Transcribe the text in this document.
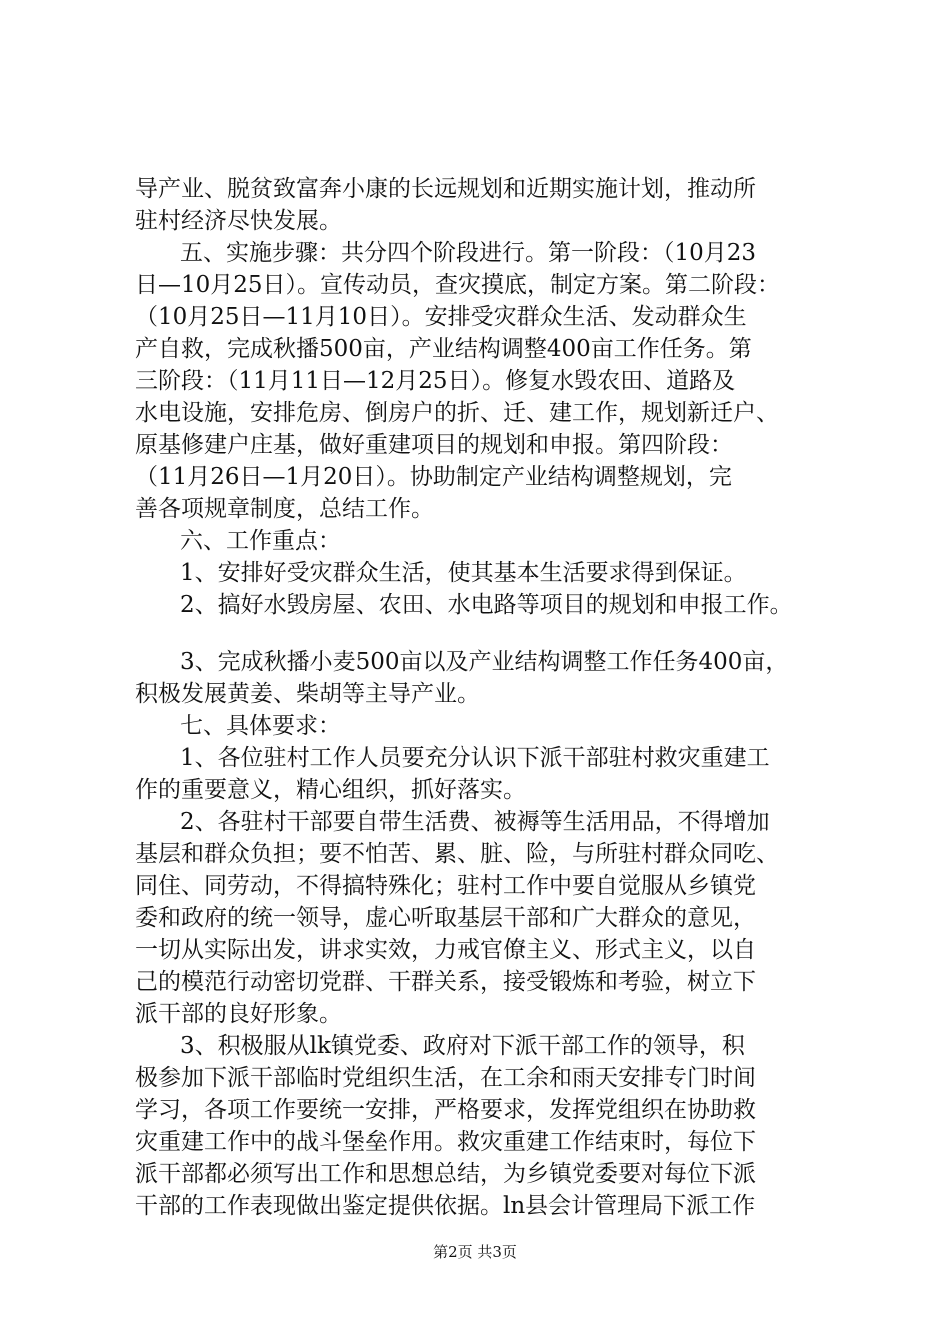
导产业、脱贫致富奔小康的长远规划和近期实施计划，推动所

驻村经济尽快发展。

五、实施步骤：共分四个阶段进行。第一阶段：（10月23

日—10月25日）。宣传动员，查灾摸底，制定方案。第二阶段：

（10月25日—11月10日）。安排受灾群众生活、发动群众生

产自救，完成秋播500亩，产业结构调整400亩工作任务。第

三阶段：（11月11日—12月25日）。修复水毁农田、道路及

水电设施，安排危房、倒房户的折、迁、建工作，规划新迁户、

原基修建户庄基，做好重建项目的规划和申报。第四阶段：

（11月26日—1月20日）。协助制定产业结构调整规划，完

善各项规章制度，总结工作。

六、工作重点：

1、安排好受灾群众生活，使其基本生活要求得到保证。

2、搞好水毁房屋、农田、水电路等项目的规划和申报工作。

3、完成秋播小麦500亩以及产业结构调整工作任务400亩，

积极发展黄姜、柴胡等主导产业。

七、具体要求：

1、各位驻村工作人员要充分认识下派干部驻村救灾重建工

作的重要意义，精心组织，抓好落实。

2、各驻村干部要自带生活费、被褥等生活用品，不得增加

基层和群众负担；要不怕苦、累、脏、险，与所驻村群众同吃、

同住、同劳动，不得搞特殊化；驻村工作中要自觉服从乡镇党

委和政府的统一领导，虚心听取基层干部和广大群众的意见，

一切从实际出发，讲求实效，力戒官僚主义、形式主义，以自

己的模范行动密切党群、干群关系，接受锻炼和考验，树立下

派干部的良好形象。

3、积极服从lk镇党委、政府对下派干部工作的领导，积

极参加下派干部临时党组织生活，在工余和雨天安排专门时间

学习，各项工作要统一安排，严格要求，发挥党组织在协助救

灾重建工作中的战斗堡垒作用。救灾重建工作结束时，每位下

派干部都必须写出工作和思想总结，为乡镇党委要对每位下派

干部的工作表现做出鉴定提供依据。ln县会计管理局下派工作

第2页 共3页
